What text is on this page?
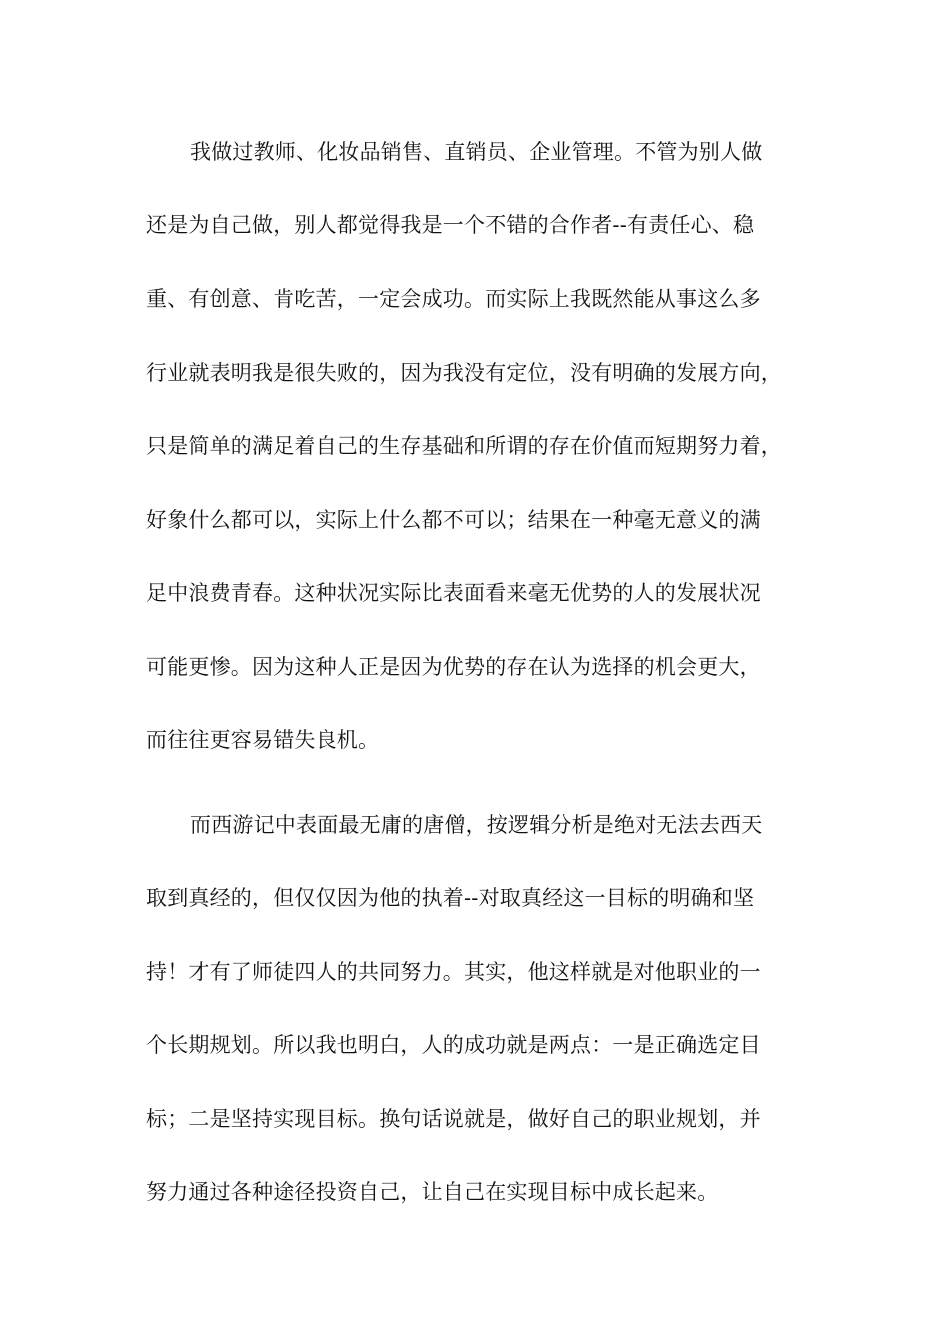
我做过教师、化妆品销售、直销员、企业管理。不管为别人做
还是为自己做，别人都觉得我是一个不错的合作者--有责任心、稳
重、有创意、肯吃苦，一定会成功。而实际上我既然能从事这么多
行业就表明我是很失败的，因为我没有定位，没有明确的发展方向，
只是简单的满足着自己的生存基础和所谓的存在价值而短期努力着，
好象什么都可以，实际上什么都不可以；结果在一种毫无意义的满
足中浪费青春。这种状况实际比表面看来毫无优势的人的发展状况
可能更惨。因为这种人正是因为优势的存在认为选择的机会更大，
而往往更容易错失良机。
而西游记中表面最无庸的唐僧，按逻辑分析是绝对无法去西天
取到真经的，但仅仅因为他的执着--对取真经这一目标的明确和坚
持！才有了师徒四人的共同努力。其实，他这样就是对他职业的一
个长期规划。所以我也明白，人的成功就是两点：一是正确选定目
标；二是坚持实现目标。换句话说就是，做好自己的职业规划，并
努力通过各种途径投资自己，让自己在实现目标中成长起来。
